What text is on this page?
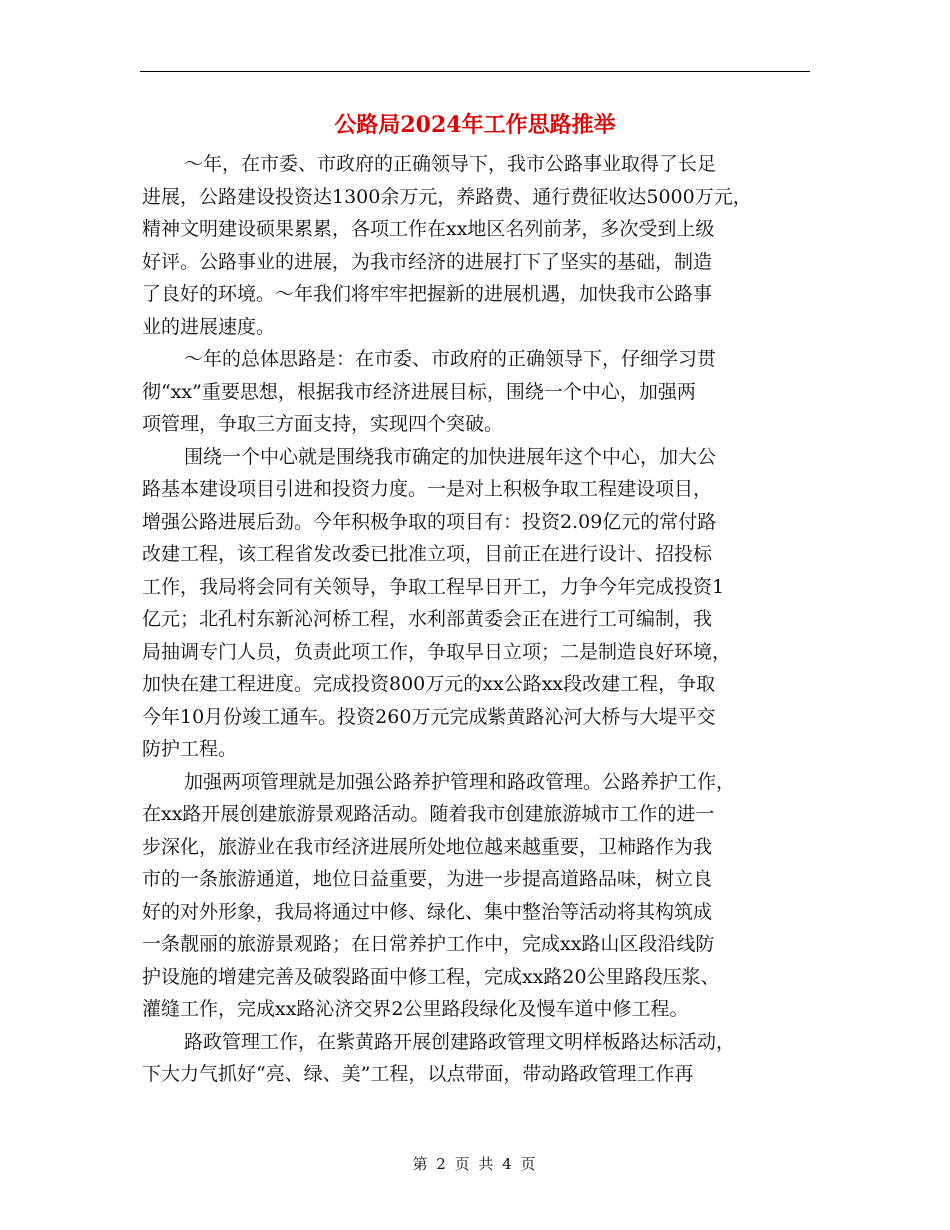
公路局2024年工作思路推举
～年，在市委、市政府的正确领导下，我市公路事业取得了长足
进展，公路建设投资达1300余万元，养路费、通行费征收达5000万元，
精神文明建设硕果累累，各项工作在xx地区名列前茅，多次受到上级
好评。公路事业的进展，为我市经济的进展打下了坚实的基础，制造
了良好的环境。～年我们将牢牢把握新的进展机遇，加快我市公路事
业的进展速度。
～年的总体思路是：在市委、市政府的正确领导下，仔细学习贯
彻“xx”重要思想，根据我市经济进展目标，围绕一个中心，加强两
项管理，争取三方面支持，实现四个突破。
围绕一个中心就是围绕我市确定的加快进展年这个中心，加大公
路基本建设项目引进和投资力度。一是对上积极争取工程建设项目，
增强公路进展后劲。今年积极争取的项目有：投资2.09亿元的常付路
改建工程，该工程省发改委已批准立项，目前正在进行设计、招投标
工作，我局将会同有关领导，争取工程早日开工，力争今年完成投资1
亿元；北孔村东新沁河桥工程，水利部黄委会正在进行工可编制，我
局抽调专门人员，负责此项工作，争取早日立项；二是制造良好环境，
加快在建工程进度。完成投资800万元的xx公路xx段改建工程，争取
今年10月份竣工通车。投资260万元完成紫黄路沁河大桥与大堤平交
防护工程。
加强两项管理就是加强公路养护管理和路政管理。公路养护工作，
在xx路开展创建旅游景观路活动。随着我市创建旅游城市工作的进一
步深化，旅游业在我市经济进展所处地位越来越重要，卫柿路作为我
市的一条旅游通道，地位日益重要，为进一步提高道路品味，树立良
好的对外形象，我局将通过中修、绿化、集中整治等活动将其构筑成
一条靓丽的旅游景观路；在日常养护工作中，完成xx路山区段沿线防
护设施的增建完善及破裂路面中修工程，完成xx路20公里路段压浆、
灌缝工作，完成xx路沁济交界2公里路段绿化及慢车道中修工程。
路政管理工作，在紫黄路开展创建路政管理文明样板路达标活动，
下大力气抓好“亮、绿、美”工程，以点带面，带动路政管理工作再
第 2 页 共 4 页
